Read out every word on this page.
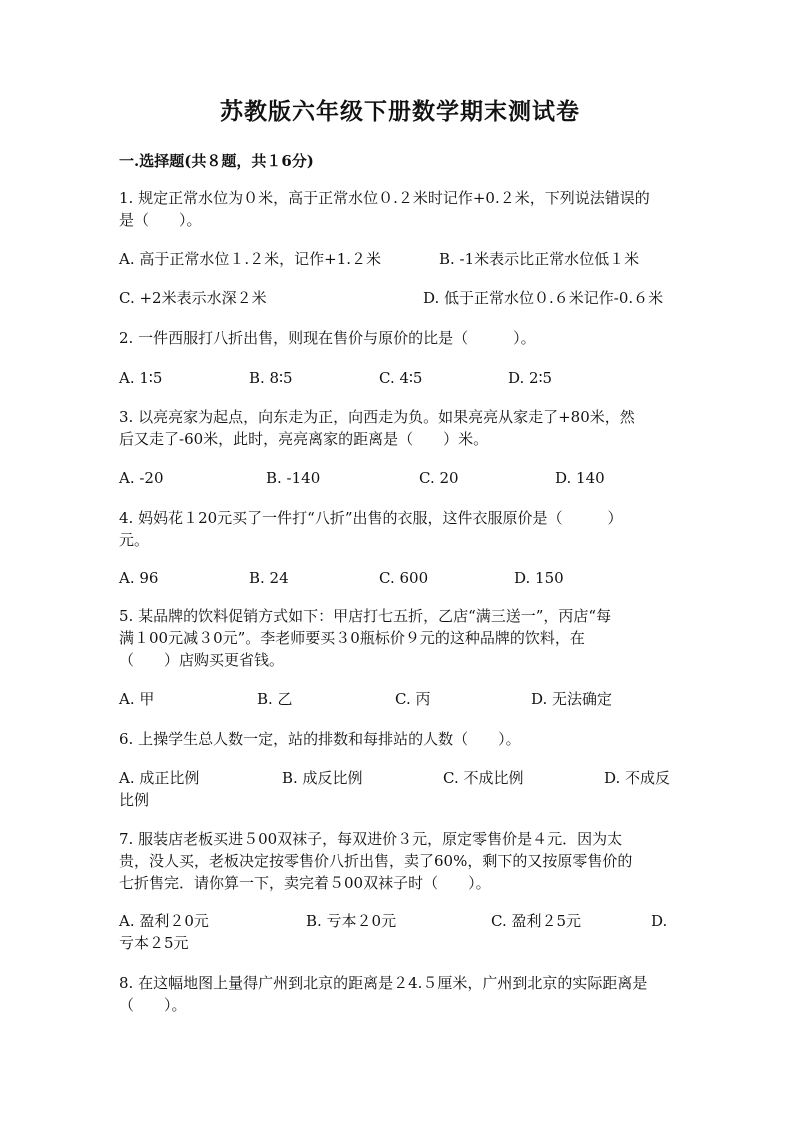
苏教版六年级下册数学期末测试卷
一.选择题(共８题，共１6分)
1. 规定正常水位为０米，高于正常水位０.２米时记作+0.２米，下列说法错误的
是（　　）。
A. 高于正常水位１.２米，记作+1.２米	B. -1米表示比正常水位低１米
C. +2米表示水深２米	D. 低于正常水位０.６米记作-0.６米
2. 一件西服打八折出售，则现在售价与原价的比是（　　　）。
A. 1∶5	B. 8∶5	C. 4∶5	D. 2∶5
3. 以亮亮家为起点，向东走为正，向西走为负。如果亮亮从家走了+80米，然
后又走了-60米，此时，亮亮离家的距离是（　　）米。
A. -20	B. -140	C. 20	D. 140
4. 妈妈花１20元买了一件打“八折”出售的衣服，这件衣服原价是（　　　）
元。
A. 96	B. 24	C. 600	D. 150
5. 某品牌的饮料促销方式如下：甲店打七五折，乙店“满三送一”，丙店“每
满１00元减３0元”。李老师要买３0瓶标价９元的这种品牌的饮料，在
（　　）店购买更省钱。
A. 甲	B. 乙	C. 丙	D. 无法确定
6. 上操学生总人数一定，站的排数和每排站的人数（　　）。
A. 成正比例	B. 成反比例	C. 不成比例	D. 不成反
比例
7. 服装店老板买进５00双袜子，每双进价３元，原定零售价是４元．因为太
贵，没人买，老板决定按零售价八折出售，卖了60%，剩下的又按原零售价的
七折售完．请你算一下，卖完着５00双袜子时（　　）。
A. 盈利２0元	B. 亏本２0元	C. 盈利２5元	D.
亏本２5元
8. 在这幅地图上量得广州到北京的距离是２4.５厘米，广州到北京的实际距离是
（　　）。
